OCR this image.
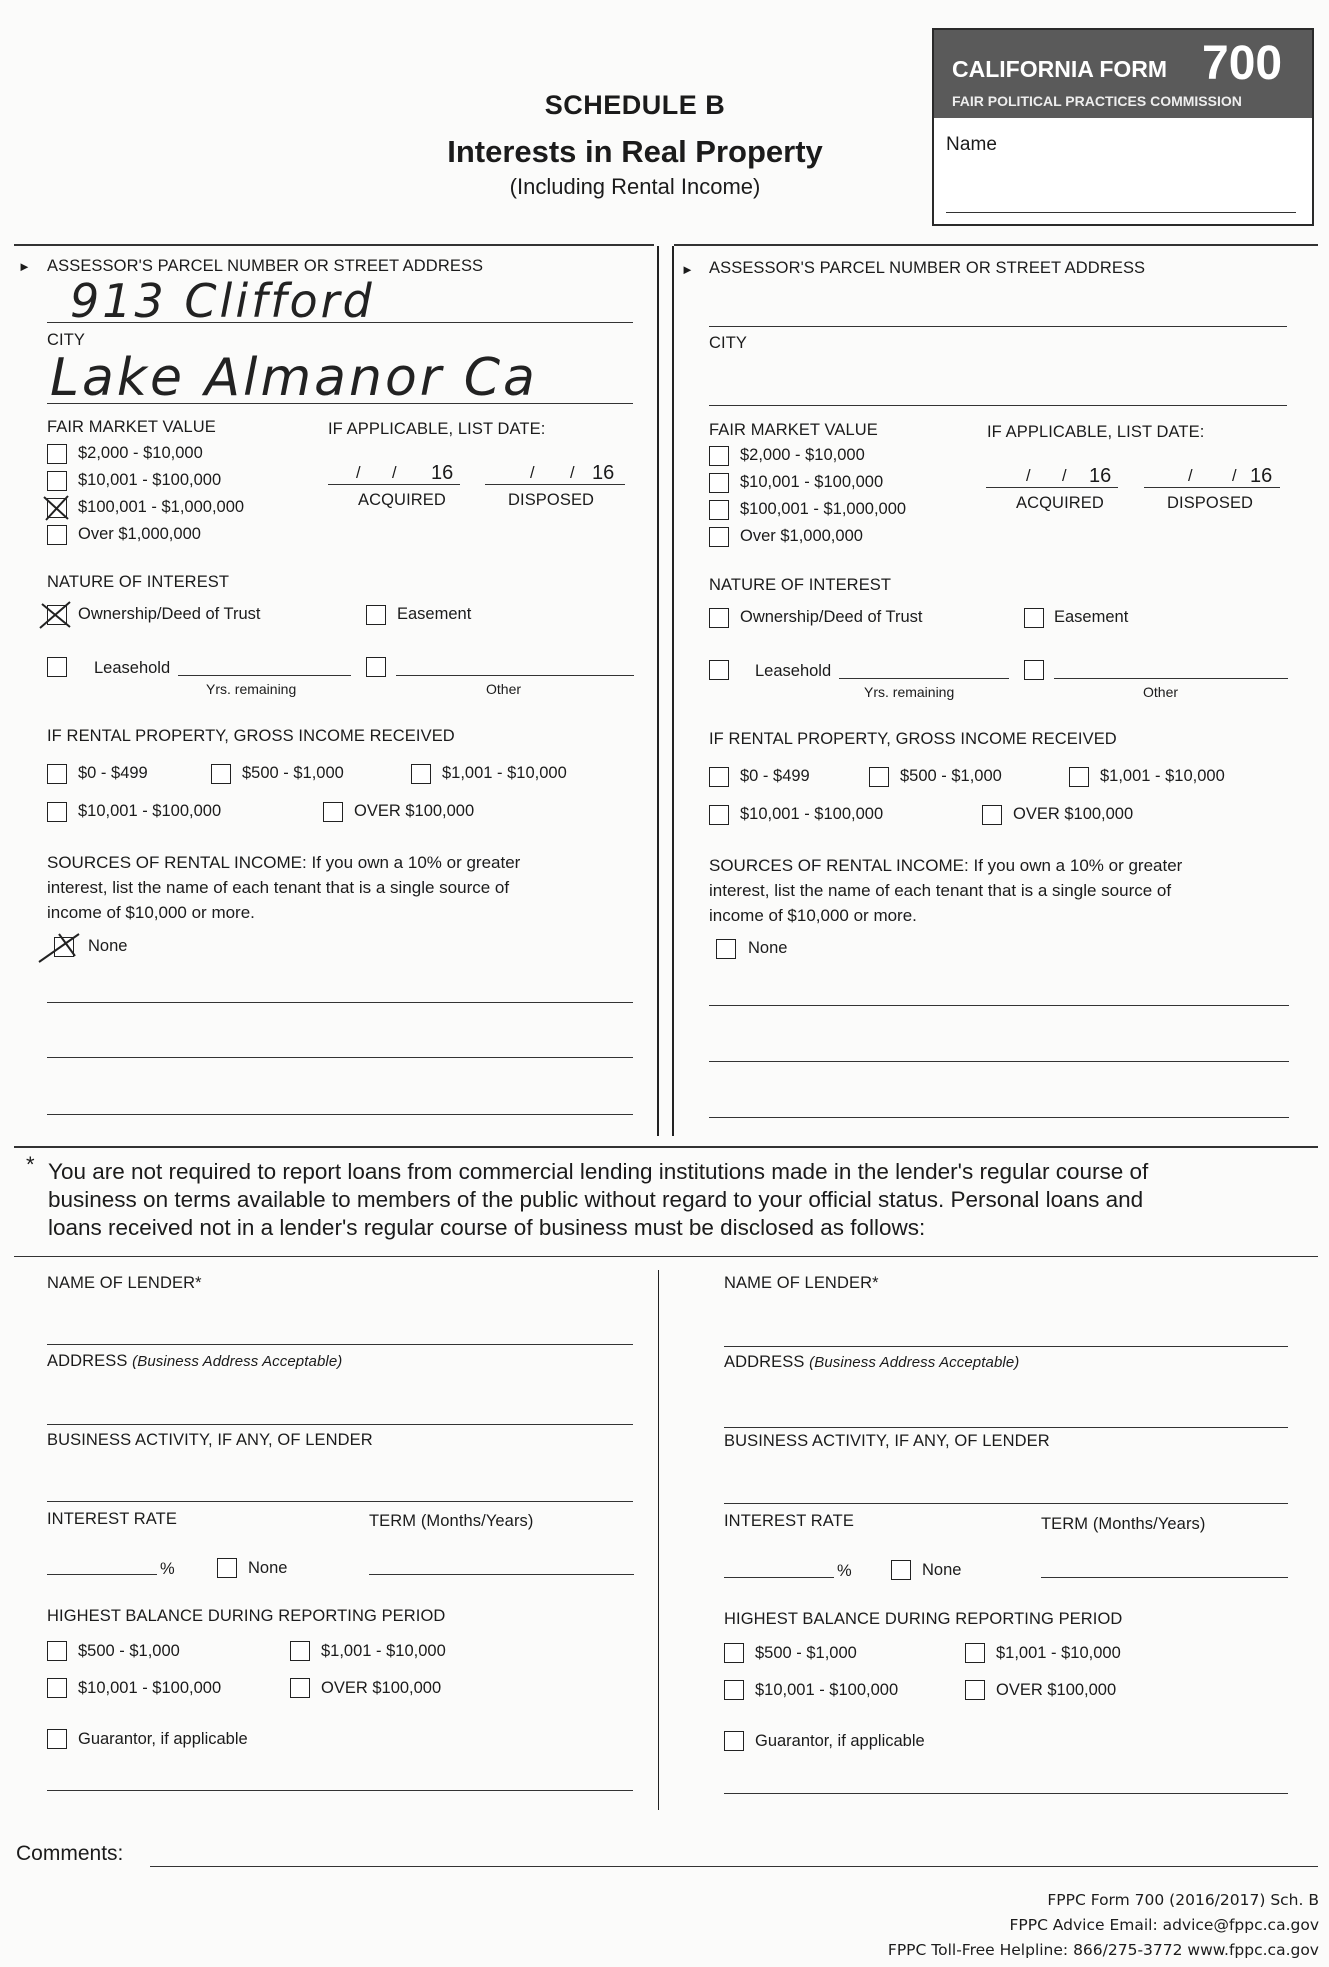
SCHEDULE B
Interests in Real Property
(Including Rental Income)
CALIFORNIA FORM 700
FAIR POLITICAL PRACTICES COMMISSION
Name
► ASSESSOR'S PARCEL NUMBER OR STREET ADDRESS
913 Clifford
CITY
Lake Almanor Ca
FAIR MARKET VALUE	IF APPLICABLE, LIST DATE:
$2,000 - $10,000
$10,001 - $100,000
$100,001 - $1,000,000
Over $1,000,000
/ / 16
ACQUIRED
/ / 16
DISPOSED
NATURE OF INTEREST
Ownership/Deed of Trust	Easement
Leasehold
Yrs. remaining	Other
IF RENTAL PROPERTY, GROSS INCOME RECEIVED
$0 - $499	$500 - $1,000	$1,001 - $10,000
$10,001 - $100,000	OVER $100,000
SOURCES OF RENTAL INCOME: If you own a 10% or greater
interest, list the name of each tenant that is a single source of
income of $10,000 or more.
None
► ASSESSOR'S PARCEL NUMBER OR STREET ADDRESS
CITY
FAIR MARKET VALUE	IF APPLICABLE, LIST DATE:
$2,000 - $10,000
$10,001 - $100,000
$100,001 - $1,000,000
Over $1,000,000
/ / 16
ACQUIRED
/ / 16
DISPOSED
NATURE OF INTEREST
Ownership/Deed of Trust	Easement
Leasehold
Yrs. remaining	Other
IF RENTAL PROPERTY, GROSS INCOME RECEIVED
$0 - $499	$500 - $1,000	$1,001 - $10,000
$10,001 - $100,000	OVER $100,000
SOURCES OF RENTAL INCOME: If you own a 10% or greater
interest, list the name of each tenant that is a single source of
income of $10,000 or more.
None
* You are not required to report loans from commercial lending institutions made in the lender's regular course of
business on terms available to members of the public without regard to your official status. Personal loans and
loans received not in a lender's regular course of business must be disclosed as follows:
NAME OF LENDER*
ADDRESS (Business Address Acceptable)
BUSINESS ACTIVITY, IF ANY, OF LENDER
INTEREST RATE	TERM (Months/Years)
%	None
HIGHEST BALANCE DURING REPORTING PERIOD
$500 - $1,000	$1,001 - $10,000
$10,001 - $100,000	OVER $100,000
Guarantor, if applicable
NAME OF LENDER*
ADDRESS (Business Address Acceptable)
BUSINESS ACTIVITY, IF ANY, OF LENDER
INTEREST RATE	TERM (Months/Years)
%	None
HIGHEST BALANCE DURING REPORTING PERIOD
$500 - $1,000	$1,001 - $10,000
$10,001 - $100,000	OVER $100,000
Guarantor, if applicable
Comments:
FPPC Form 700 (2016/2017) Sch. B
FPPC Advice Email: advice@fppc.ca.gov
FPPC Toll-Free Helpline: 866/275-3772 www.fppc.ca.gov
